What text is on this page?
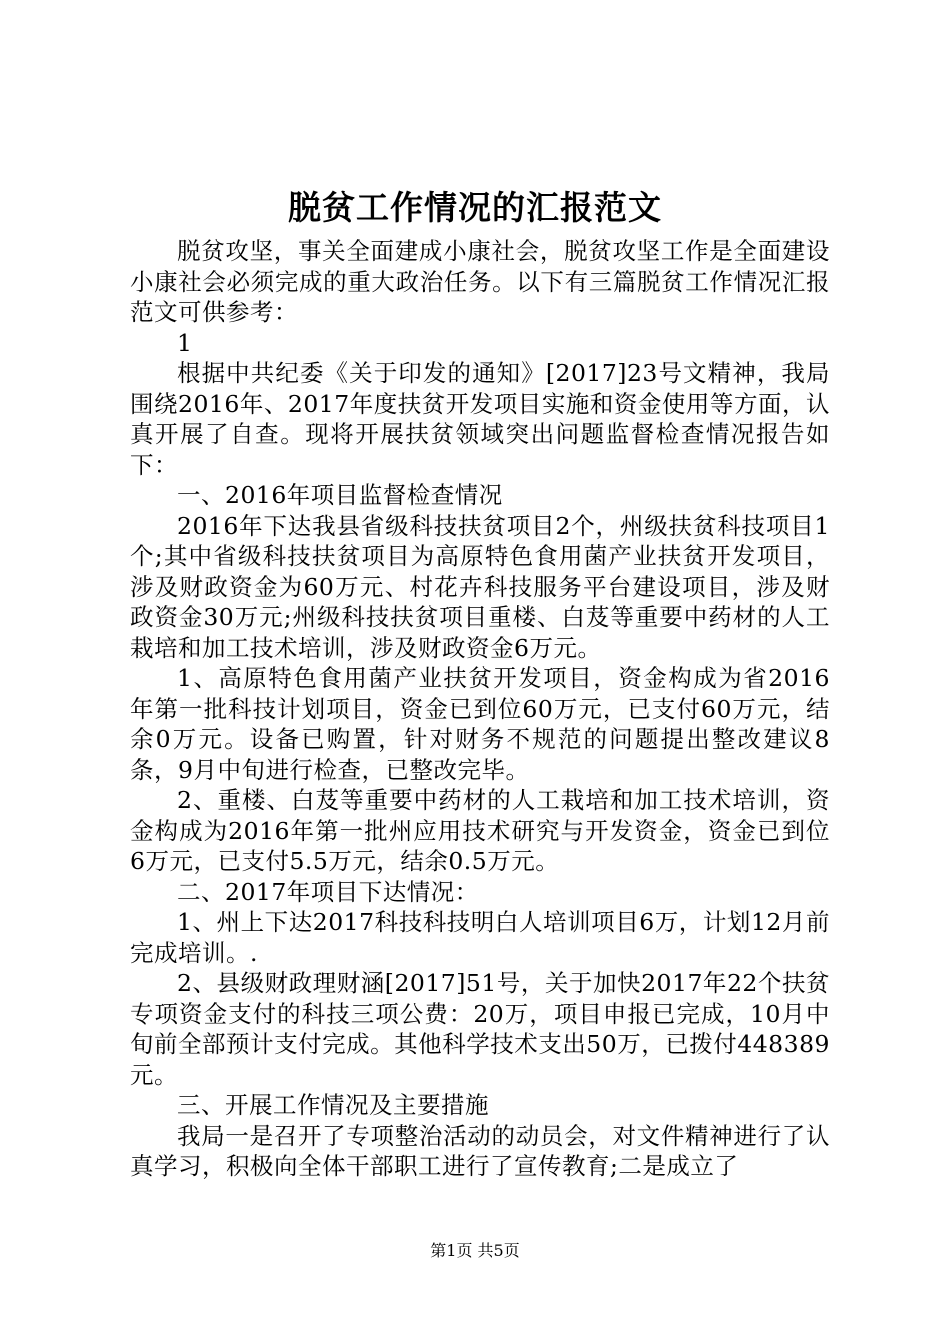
脱贫工作情况的汇报范文

脱贫攻坚，事关全面建成小康社会，脱贫攻坚工作是全面建设小康社会必须完成的重大政治任务。以下有三篇脱贫工作情况汇报范文可供参考：

1

根据中共纪委《关于印发的通知》[2017]23号文精神，我局围绕2016年、2017年度扶贫开发项目实施和资金使用等方面，认真开展了自查。现将开展扶贫领域突出问题监督检查情况报告如下：

一、2016年项目监督检查情况

2016年下达我县省级科技扶贫项目2个，州级扶贫科技项目1个;其中省级科技扶贫项目为高原特色食用菌产业扶贫开发项目，涉及财政资金为60万元、村花卉科技服务平台建设项目，涉及财政资金30万元;州级科技扶贫项目重楼、白芨等重要中药材的人工栽培和加工技术培训，涉及财政资金6万元。

1、高原特色食用菌产业扶贫开发项目，资金构成为省2016年第一批科技计划项目，资金已到位60万元，已支付60万元，结余0万元。设备已购置，针对财务不规范的问题提出整改建议8条，9月中旬进行检查，已整改完毕。

2、重楼、白芨等重要中药材的人工栽培和加工技术培训，资金构成为2016年第一批州应用技术研究与开发资金，资金已到位6万元，已支付5.5万元，结余0.5万元。

二、2017年项目下达情况：

1、州上下达2017科技科技明白人培训项目6万，计划12月前完成培训。.

2、县级财政理财涵[2017]51号，关于加快2017年22个扶贫专项资金支付的科技三项公费：20万，项目申报已完成，10月中旬前全部预计支付完成。其他科学技术支出50万，已拨付448389元。

三、开展工作情况及主要措施

我局一是召开了专项整治活动的动员会，对文件精神进行了认真学习，积极向全体干部职工进行了宣传教育;二是成立了

第1页 共5页
